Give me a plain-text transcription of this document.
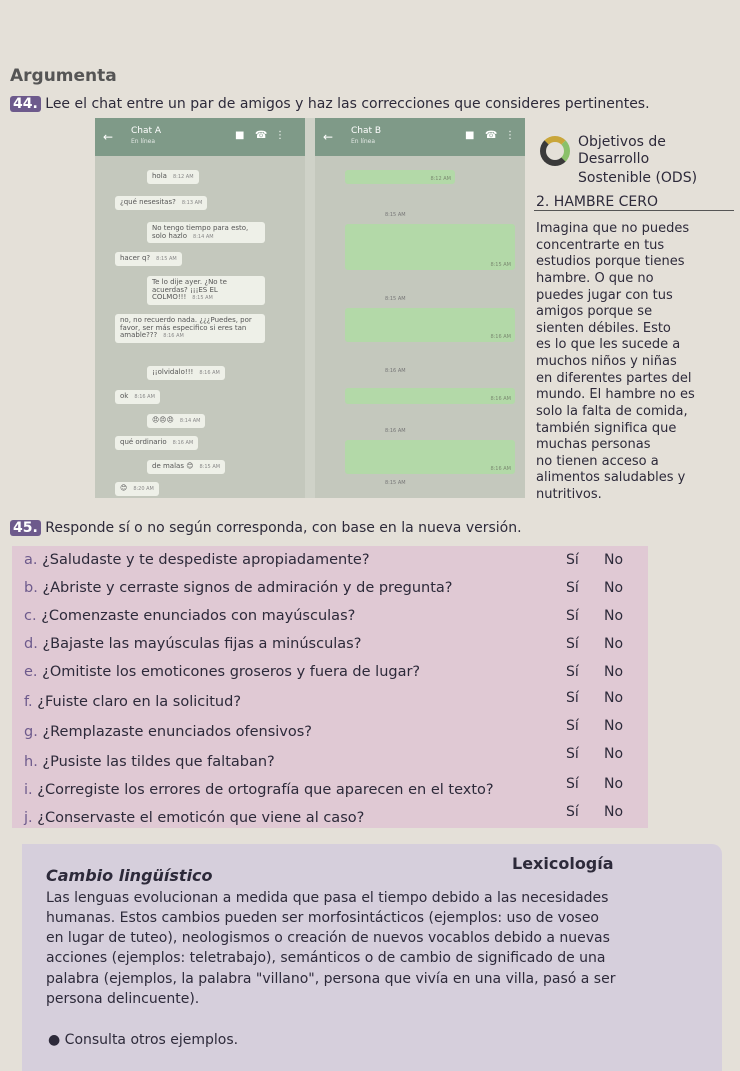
Argumenta
44. Lee el chat entre un par de amigos y haz las correcciones que consideres pertinentes.
← Chat A
En línea
■ ☎ ⋮
hola 8:12 AM
¿qué nesesitas? 8:13 AM
No tengo tiempo para esto, solo hazlo 8:14 AM
hacer q? 8:15 AM
Te lo dije ayer. ¿No te acuerdas? ¡¡¡ES EL COLMO!!! 8:15 AM
no, no recuerdo nada. ¿¿¿Puedes, por favor, ser más especifico si eres tan amable??? 8:16 AM
¡¡olvidalo!!! 8:16 AM
ok 8:16 AM
😠😠😠 8:14 AM
qué ordinario 8:16 AM
de malas 😊 8:15 AM
😊 8:20 AM
← Chat B
En línea
■ ☎ ⋮
8:12 AM
8:15 AM
8:15 AM
8:15 AM
8:16 AM
8:16 AM
8:16 AM
8:16 AM
8:16 AM
8:15 AM
Objetivos de
Desarrollo
Sostenible (ODS)
2. HAMBRE CERO
Imagina que no puedes
concentrarte en tus
estudios porque tienes
hambre. O que no
puedes jugar con tus
amigos porque se
sienten débiles. Esto
es lo que les sucede a
muchos niños y niñas
en diferentes partes del
mundo. El hambre no es
solo la falta de comida,
también significa que
muchas personas
no tienen acceso a
alimentos saludables y
nutritivos.
45. Responde sí o no según corresponda, con base en la nueva versión.
a. ¿Saludaste y te despediste apropiadamente?
b. ¿Abriste y cerraste signos de admiración y de pregunta?
c. ¿Comenzaste enunciados con mayúsculas?
d. ¿Bajaste las mayúsculas fijas a minúsculas?
e. ¿Omitiste los emoticones groseros y fuera de lugar?
f. ¿Fuiste claro en la solicitud?
g. ¿Remplazaste enunciados ofensivos?
h. ¿Pusiste las tildes que faltaban?
i. ¿Corregiste los errores de ortografía que aparecen en el texto?
j. ¿Conservaste el emoticón que viene al caso?
Sí No
Sí No
Sí No
Sí No
Sí No
Sí No
Sí No
Sí No
Sí No
Sí No
Lexicología
Cambio lingüístico
Las lenguas evolucionan a medida que pasa el tiempo debido a las necesidades
humanas. Estos cambios pueden ser morfosintácticos (ejemplos: uso de voseo
en lugar de tuteo), neologismos o creación de nuevos vocablos debido a nuevas
acciones (ejemplos: teletrabajo), semánticos o de cambio de significado de una
palabra (ejemplos, la palabra "villano", persona que vivía en una villa, pasó a ser
persona delincuente).
● Consulta otros ejemplos.
